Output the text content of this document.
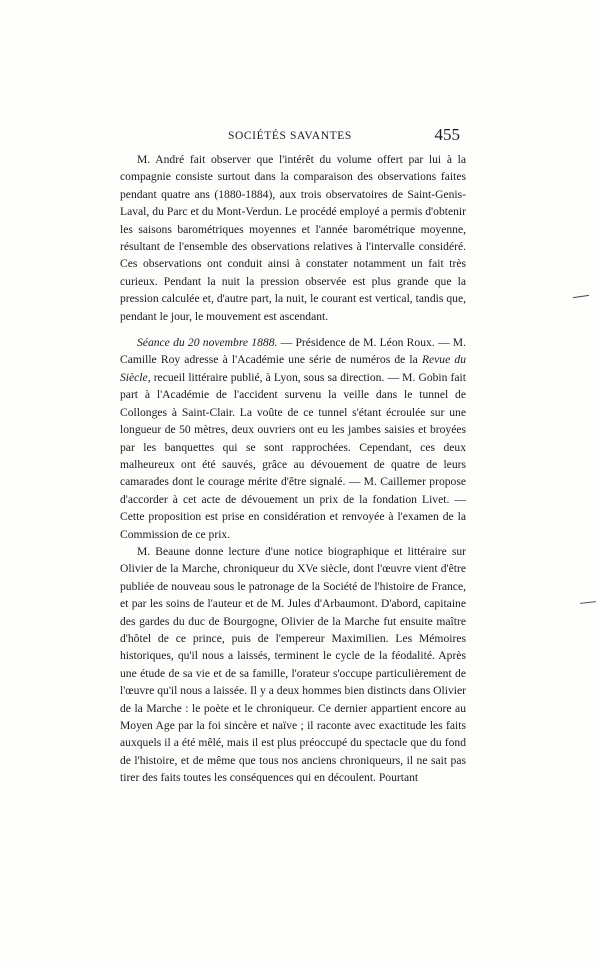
SOCIÉTÉS SAVANTES	455

M. André fait observer que l'intérêt du volume offert par lui à la compagnie consiste surtout dans la comparaison des observations faites pendant quatre ans (1880-1884), aux trois observatoires de Saint-Genis-Laval, du Parc et du Mont-Verdun. Le procédé employé a permis d'obtenir les saisons barométriques moyennes et l'année barométrique moyenne, résultant de l'ensemble des observations relatives à l'intervalle considéré. Ces observations ont conduit ainsi à constater notamment un fait très curieux. Pendant la nuit la pression observée est plus grande que la pression calculée et, d'autre part, la nuit, le courant est vertical, tandis que, pendant le jour, le mouvement est ascendant.

Séance du 20 novembre 1888. — Présidence de M. Léon Roux. — M. Camille Roy adresse à l'Académie une série de numéros de la Revue du Siècle, recueil littéraire publié, à Lyon, sous sa direction. — M. Gobin fait part à l'Académie de l'accident survenu la veille dans le tunnel de Collonges à Saint-Clair. La voûte de ce tunnel s'étant écroulée sur une longueur de 50 mètres, deux ouvriers ont eu les jambes saisies et broyées par les banquettes qui se sont rapprochées. Cependant, ces deux malheureux ont été sauvés, grâce au dévouement de quatre de leurs camarades dont le courage mérite d'être signalé. — M. Caillemer propose d'accorder à cet acte de dévouement un prix de la fondation Livet. — Cette proposition est prise en considération et renvoyée à l'examen de la Commission de ce prix.

M. Beaune donne lecture d'une notice biographique et littéraire sur Olivier de la Marche, chroniqueur du XVe siècle, dont l'œuvre vient d'être publiée de nouveau sous le patronage de la Société de l'histoire de France, et par les soins de l'auteur et de M. Jules d'Arbaumont. D'abord, capitaine des gardes du duc de Bourgogne, Olivier de la Marche fut ensuite maître d'hôtel de ce prince, puis de l'empereur Maximilien. Les Mémoires historiques, qu'il nous a laissés, terminent le cycle de la féodalité. Après une étude de sa vie et de sa famille, l'orateur s'occupe particulièrement de l'œuvre qu'il nous a laissée. Il y a deux hommes bien distincts dans Olivier de la Marche : le poète et le chroniqueur. Ce dernier appartient encore au Moyen Age par la foi sincère et naïve ; il raconte avec exactitude les faits auxquels il a été mêlé, mais il est plus préoccupé du spectacle que du fond de l'histoire, et de même que tous nos anciens chroniqueurs, il ne sait pas tirer des faits toutes les conséquences qui en découlent. Pourtant
